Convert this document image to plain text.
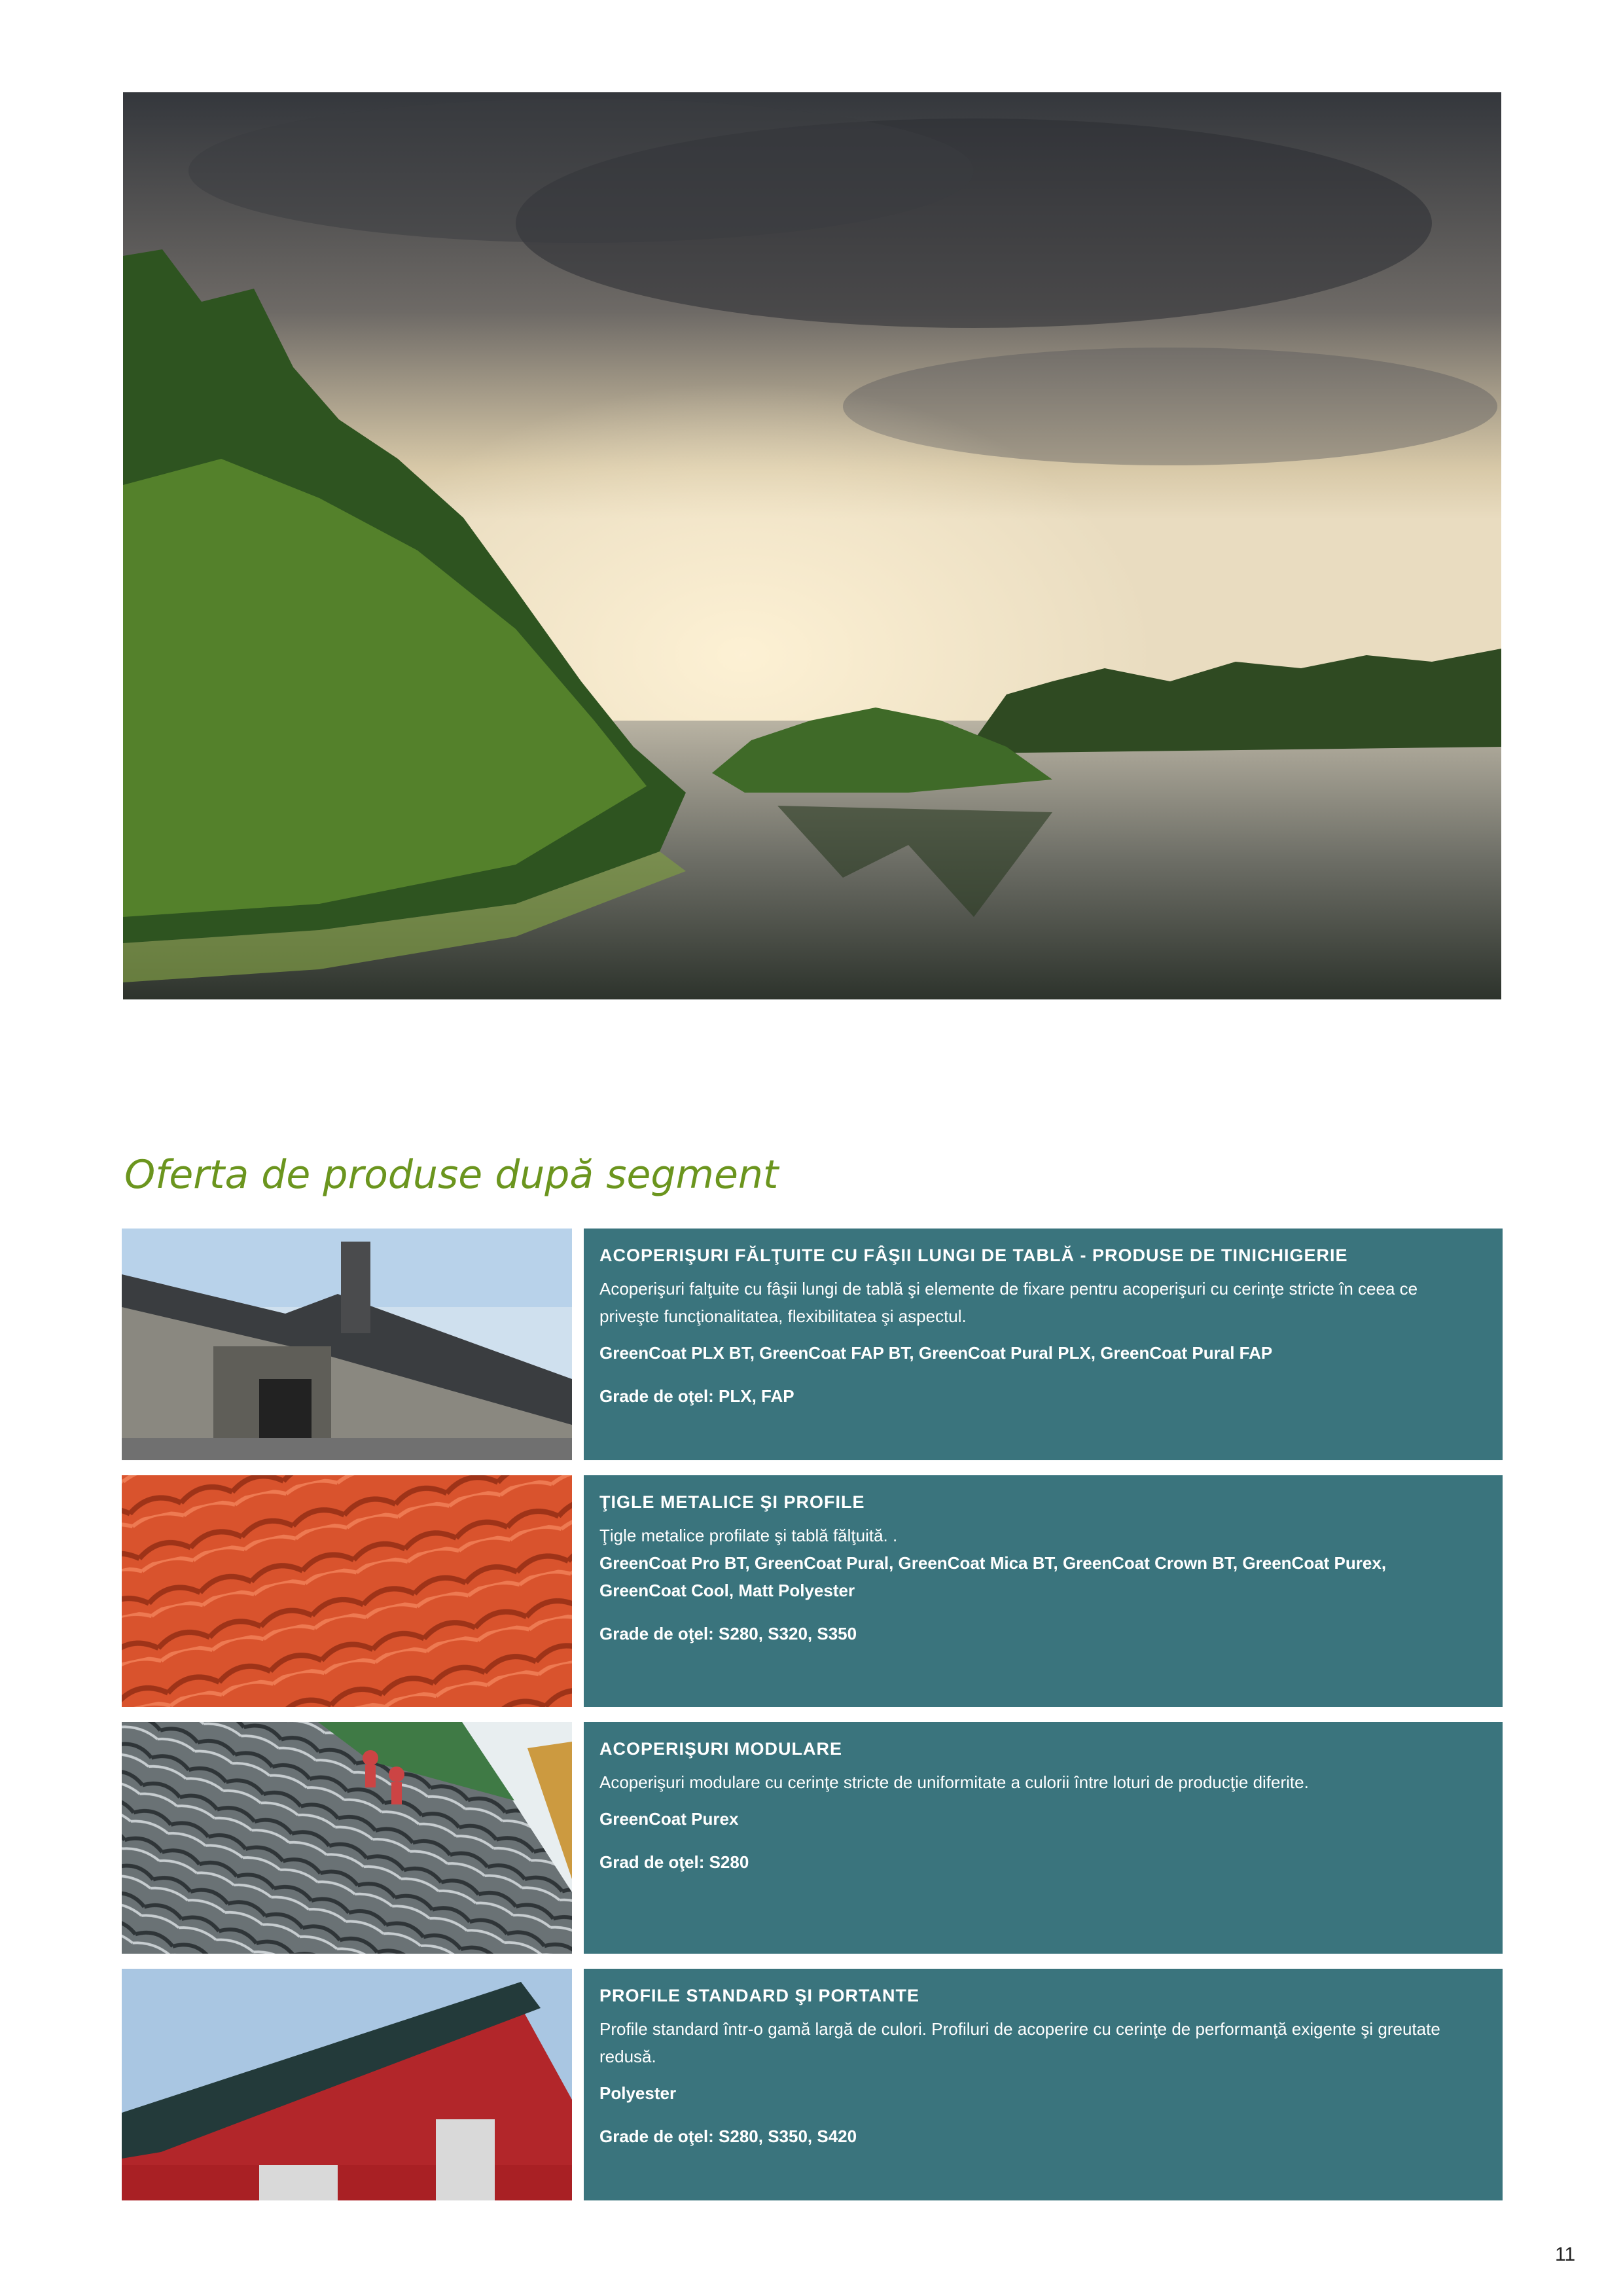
Oferta de produse după segment

ACOPERIŞURI FĂLŢUITE CU FÂŞII LUNGI DE TABLĂ - PRODUSE DE TINICHIGERIE

Acoperişuri falţuite cu fâşii lungi de tablă şi elemente de fixare pentru acoperişuri cu cerinţe stricte în ceea ce priveşte funcţionalitatea, flexibilitatea şi aspectul.

GreenCoat PLX BT, GreenCoat FAP BT, GreenCoat Pural PLX, GreenCoat Pural FAP

Grade de oţel: PLX, FAP

ŢIGLE METALICE ŞI PROFILE

Ţigle metalice profilate şi tablă fălţuită. .

GreenCoat Pro BT, GreenCoat Pural, GreenCoat Mica BT, GreenCoat Crown BT, GreenCoat Purex, GreenCoat Cool, Matt Polyester

Grade de oţel: S280, S320, S350

ACOPERIŞURI MODULARE

Acoperişuri modulare cu cerinţe stricte de uniformitate a culorii între loturi de producţie diferite.

GreenCoat Purex

Grad de oţel: S280

PROFILE STANDARD ŞI PORTANTE

Profile standard într-o gamă largă de culori. Profiluri de acoperire cu cerinţe de performanţă exigente şi greutate redusă.

Polyester

Grade de oţel: S280, S350, S420

11
